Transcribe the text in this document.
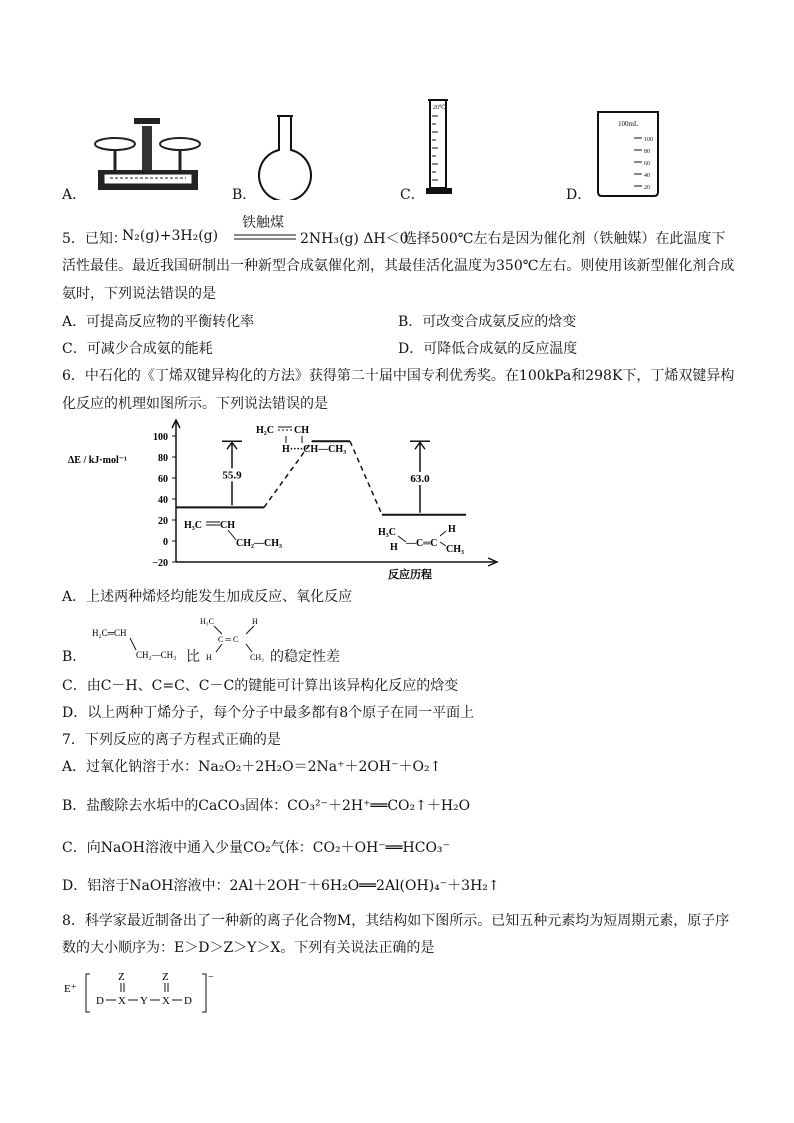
A．	B．	C．
20℃
D．
100mL
100
80
60
40
20
5．已知：
N₂(g)+3H₂(g)
铁触煤
2NH₃(g) ΔH＜0
选择500℃左右是因为催化剂（铁触媒）在此温度下
活性最佳。最近我国研制出一种新型合成氨催化剂，其最佳活化温度为350℃左右。则使用该新型催化剂合成
氨时，下列说法错误的是
A．可提高反应物的平衡转化率	B．可改变合成氨反应的焓变
C．可减少合成氨的能耗	D．可降低合成氨的反应温度
6．中石化的《丁烯双键异构化的方法》获得第二十届中国专利优秀奖。在100kPa和298K下，丁烯双键异构
化反应的机理如图所示。下列说法错误的是
ΔE / kJ·mol⁻¹
反应历程
100
80
60
40
20
0
−20
55.9	63.0
H₃C CH
CH₂—CH₃
H₂C CH
H····CH—CH₃
H₃C
H —C═C
H
CH₃
A．上述两种烯烃均能发生加成反应、氧化反应
B．
H₂C═CH
CH₂—CH₃ 比
H₃C	H
C ═ C
H	CH₃ 的稳定性差
C．由C－H、C=C、C－C的键能可计算出该异构化反应的焓变
D．以上两种丁烯分子，每个分子中最多都有8个原子在同一平面上
7．下列反应的离子方程式正确的是
A．过氧化钠溶于水：Na₂O₂＋2H₂O＝2Na⁺＋2OH⁻＋O₂↑
B．盐酸除去水垢中的CaCO₃固体：CO₃²⁻＋2H⁺══CO₂↑＋H₂O
C．向NaOH溶液中通入少量CO₂气体：CO₂＋OH⁻══HCO₃⁻
D．铝溶于NaOH溶液中：2Al＋2OH⁻＋6H₂O══2Al(OH)₄⁻＋3H₂↑
8．科学家最近制备出了一种新的离子化合物M，其结构如下图所示。已知五种元素均为短周期元素，原子序
数的大小顺序为：E＞D＞Z＞Y＞X。下列有关说法正确的是
E⁺
−
Z	Z
D X Y X D
